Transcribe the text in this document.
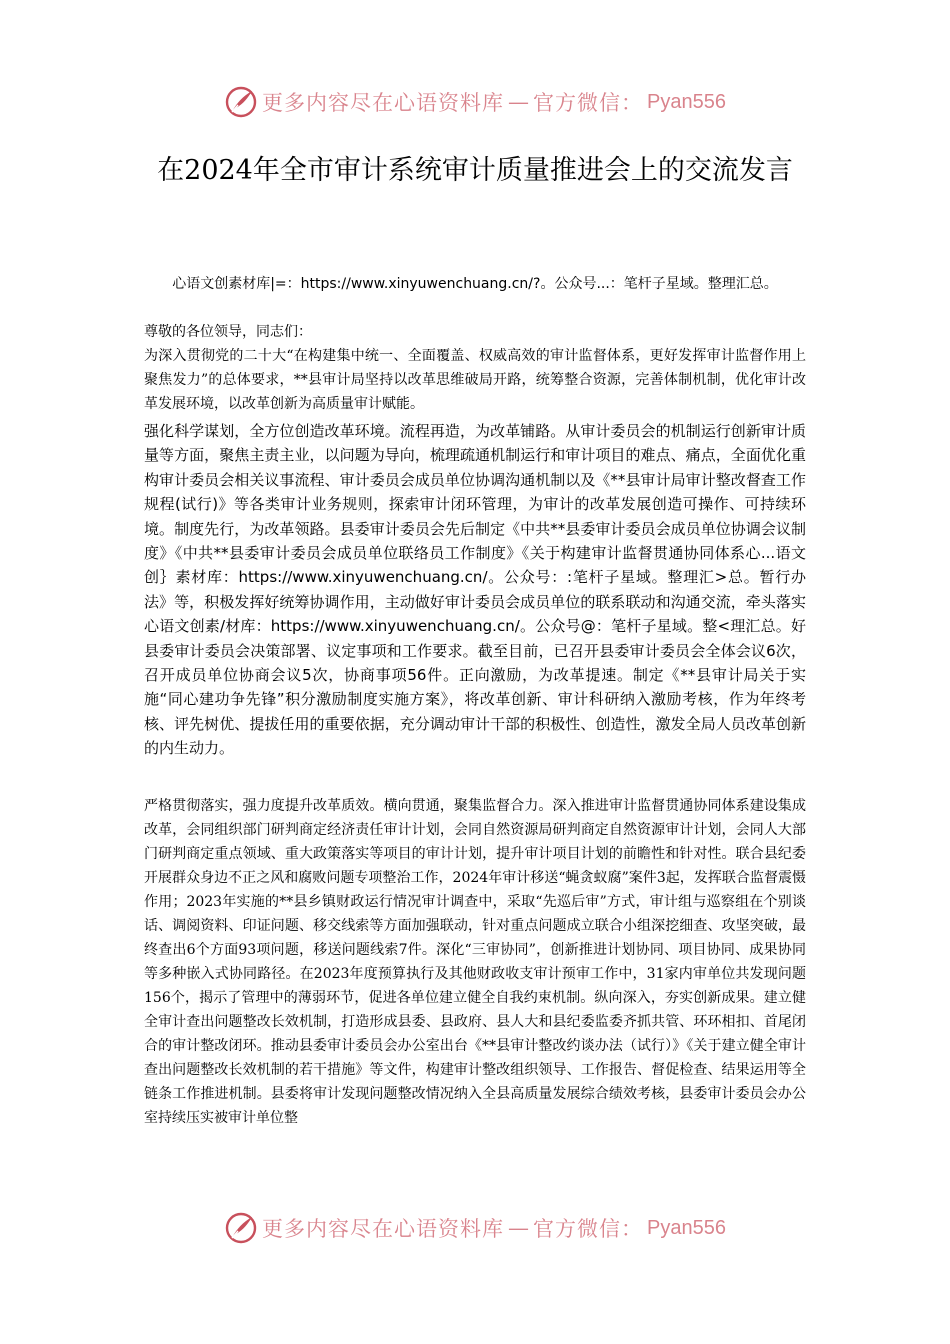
更多内容尽在心语资料库 — 官方微信： Pyan556
在2024年全市审计系统审计质量推进会上的交流发言
心语文创素材库|=：https://www.xinyuwenchuang.cn/?。公众号...：笔杆子星域。整理汇总。

尊敬的各位领导，同志们：

为深入贯彻党的二十大“在构建集中统一、全面覆盖、权威高效的审计监督体系，更好发挥审计监督作用上聚焦发力”的总体要求，**县审计局坚持以改革思维破局开路，统筹整合资源，完善体制机制，优化审计改革发展环境，以改革创新为高质量审计赋能。

强化科学谋划，全方位创造改革环境。流程再造，为改革铺路。从审计委员会的机制运行创新审计质量等方面，聚焦主责主业，以问题为导向，梳理疏通机制运行和审计项目的难点、痛点，全面优化重构审计委员会相关议事流程、审计委员会成员单位协调沟通机制以及《**县审计局审计整改督查工作规程(试行)》等各类审计业务规则，探索审计闭环管理，为审计的改革发展创造可操作、可持续环境。制度先行，为改革领路。县委审计委员会先后制定《中共**县委审计委员会成员单位协调会议制度》《中共**县委审计委员会成员单位联络员工作制度》《关于构建审计监督贯通协同体系心...语文创｝素材库：https://www.xinyuwenchuang.cn/。公众号：:笔杆子星域。整理汇>总。暂行办法》等，积极发挥好统筹协调作用，主动做好审计委员会成员单位的联系联动和沟通交流，牵头落实心语文创素/材库：https://www.xinyuwenchuang.cn/。公众号@：笔杆子星域。整<理汇总。好县委审计委员会决策部署、议定事项和工作要求。截至目前，已召开县委审计委员会全体会议6次，召开成员单位协商会议5次，协商事项56件。正向激励，为改革提速。制定《**县审计局关于实施“同心建功争先锋”积分激励制度实施方案》，将改革创新、审计科研纳入激励考核，作为年终考核、评先树优、提拔任用的重要依据，充分调动审计干部的积极性、创造性，激发全局人员改革创新的内生动力。

严格贯彻落实，强力度提升改革质效。横向贯通，聚集监督合力。深入推进审计监督贯通协同体系建设集成改革，会同组织部门研判商定经济责任审计计划，会同自然资源局研判商定自然资源审计计划，会同人大部门研判商定重点领域、重大政策落实等项目的审计计划，提升审计项目计划的前瞻性和针对性。联合县纪委开展群众身边不正之风和腐败问题专项整治工作，2024年审计移送“蝇贪蚁腐”案件3起，发挥联合监督震慑作用；2023年实施的**县乡镇财政运行情况审计调查中，采取“先巡后审”方式，审计组与巡察组在个别谈话、调阅资料、印证问题、移交线索等方面加强联动，针对重点问题成立联合小组深挖细查、攻坚突破，最终查出6个方面93项问题，移送问题线索7件。深化“三审协同”，创新推进计划协同、项目协同、成果协同等多种嵌入式协同路径。在2023年度预算执行及其他财政收支审计预审工作中，31家内审单位共发现问题156个，揭示了管理中的薄弱环节，促进各单位建立健全自我约束机制。纵向深入，夯实创新成果。建立健全审计查出问题整改长效机制，打造形成县委、县政府、县人大和县纪委监委齐抓共管、环环相扣、首尾闭合的审计整改闭环。推动县委审计委员会办公室出台《**县审计整改约谈办法（试行）》《关于建立健全审计查出问题整改长效机制的若干措施》等文件，构建审计整改组织领导、工作报告、督促检查、结果运用等全链条工作推进机制。县委将审计发现问题整改情况纳入全县高质量发展综合绩效考核，县委审计委员会办公室持续压实被审计单位整

更多内容尽在心语资料库 — 官方微信： Pyan556
